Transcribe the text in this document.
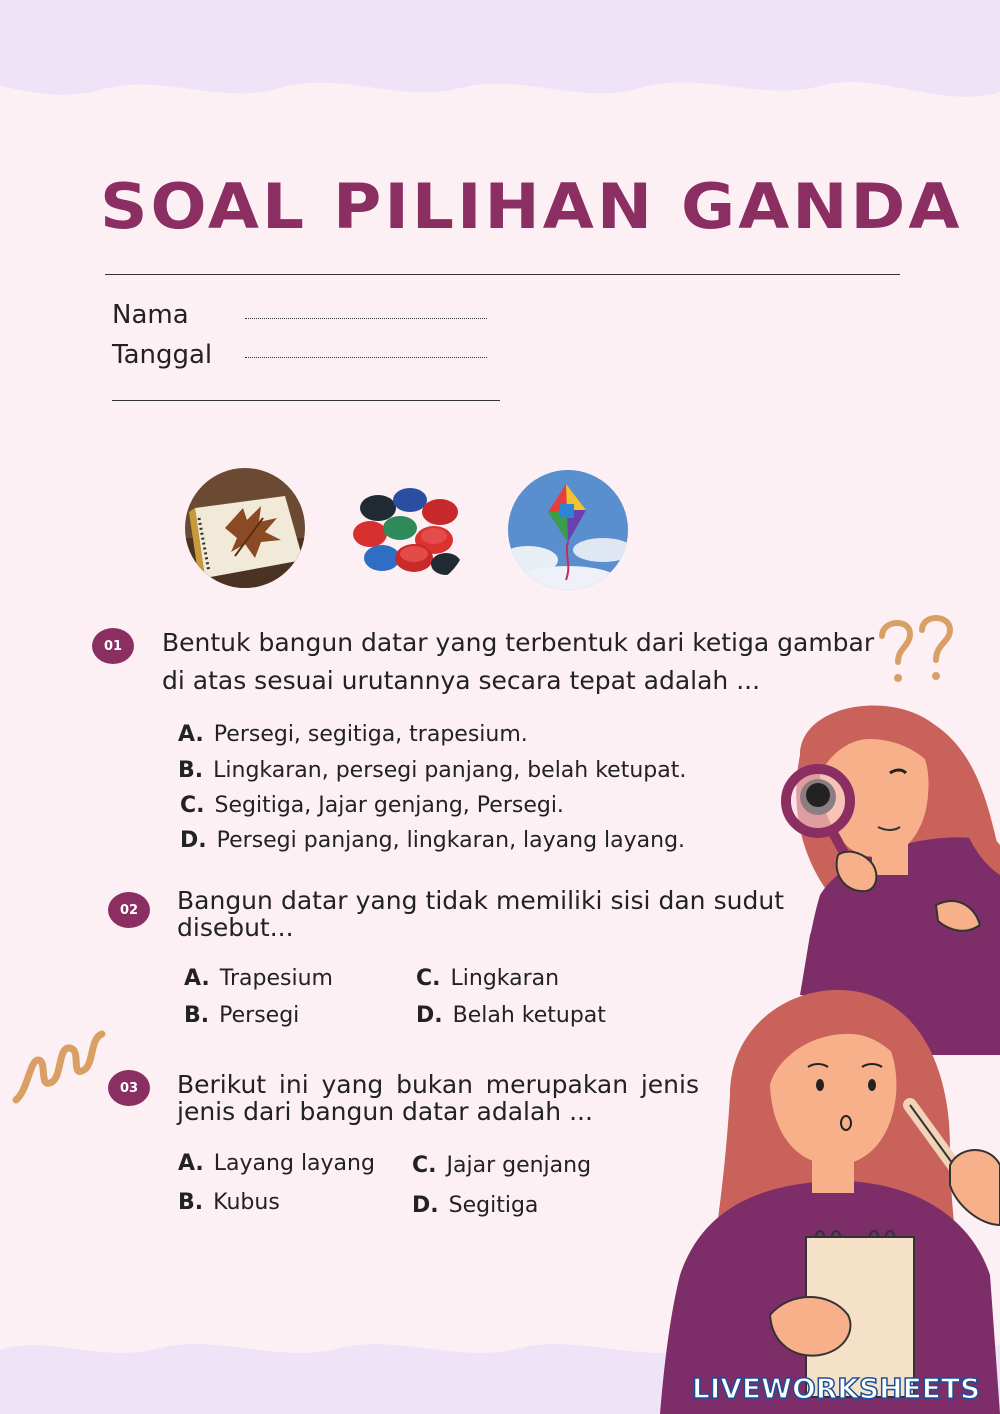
SOAL PILIHAN GANDA
Nama
Tanggal
01	Bentuk bangun datar yang terbentuk dari ketiga gambar di atas sesuai urutannya secara tepat adalah ...
A. Persegi, segitiga, trapesium.
B. Lingkaran, persegi panjang, belah ketupat.
C. Segitiga, Jajar genjang, Persegi.
D. Persegi panjang, lingkaran, layang layang.
02	Bangun datar yang tidak memiliki sisi dan sudut disebut...
A. Trapesium
B. Persegi
C. Lingkaran
D. Belah ketupat
03	Berikut ini yang bukan merupakan jenis jenis dari bangun datar adalah ...
A. Layang layang
B. Kubus
C. Jajar genjang
D. Segitiga
LIVEWORKSHEETS
